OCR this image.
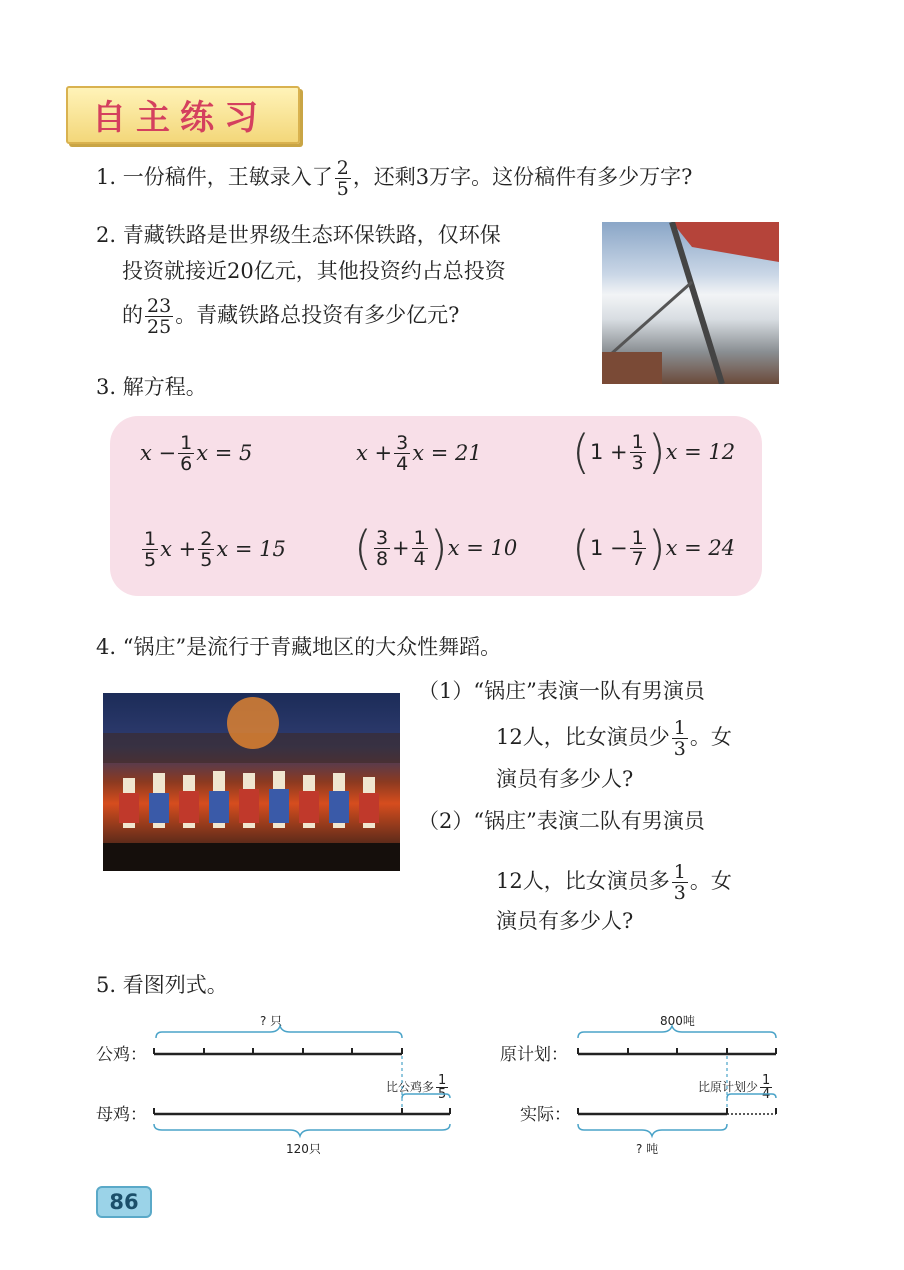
自主练习
1. 一份稿件，王敏录入了 $\frac{2}{5}$ ，还剩3万字。这份稿件有多少万字?
2. 青藏铁路是世界级生态环保铁路，仅环保
投资就接近20亿元，其他投资约占总投资
的 $\frac{23}{25}$ 。青藏铁路总投资有多少亿元?
3. 解方程。
$x - \frac{1}{6}$ x = 5	$x + \frac{3}{4}$ x = 21 ( $1 + \frac{1}{3}$ ) x = 12
$\frac{1}{5}$ $x + \frac{2}{5}$ x = 15 ( $\frac{3}{8} + \frac{1}{4}$ ) x = 10 ( $1 - \frac{1}{7}$ ) x = 24
4. “锅庄”是流行于青藏地区的大众性舞蹈。
（1）“锅庄”表演一队有男演员
12人，比女演员少 $\frac{1}{3}$ 。女
演员有多少人?
（2）“锅庄”表演二队有男演员
12人，比女演员多 $\frac{1}{3}$ 。女
演员有多少人?
5. 看图列式。
公鸡：
母鸡：
? 只
比公鸡多 $\frac{1}{5}$
120只
原计划：
实际：
800吨
比原计划少 $\frac{1}{4}$
? 吨
86
